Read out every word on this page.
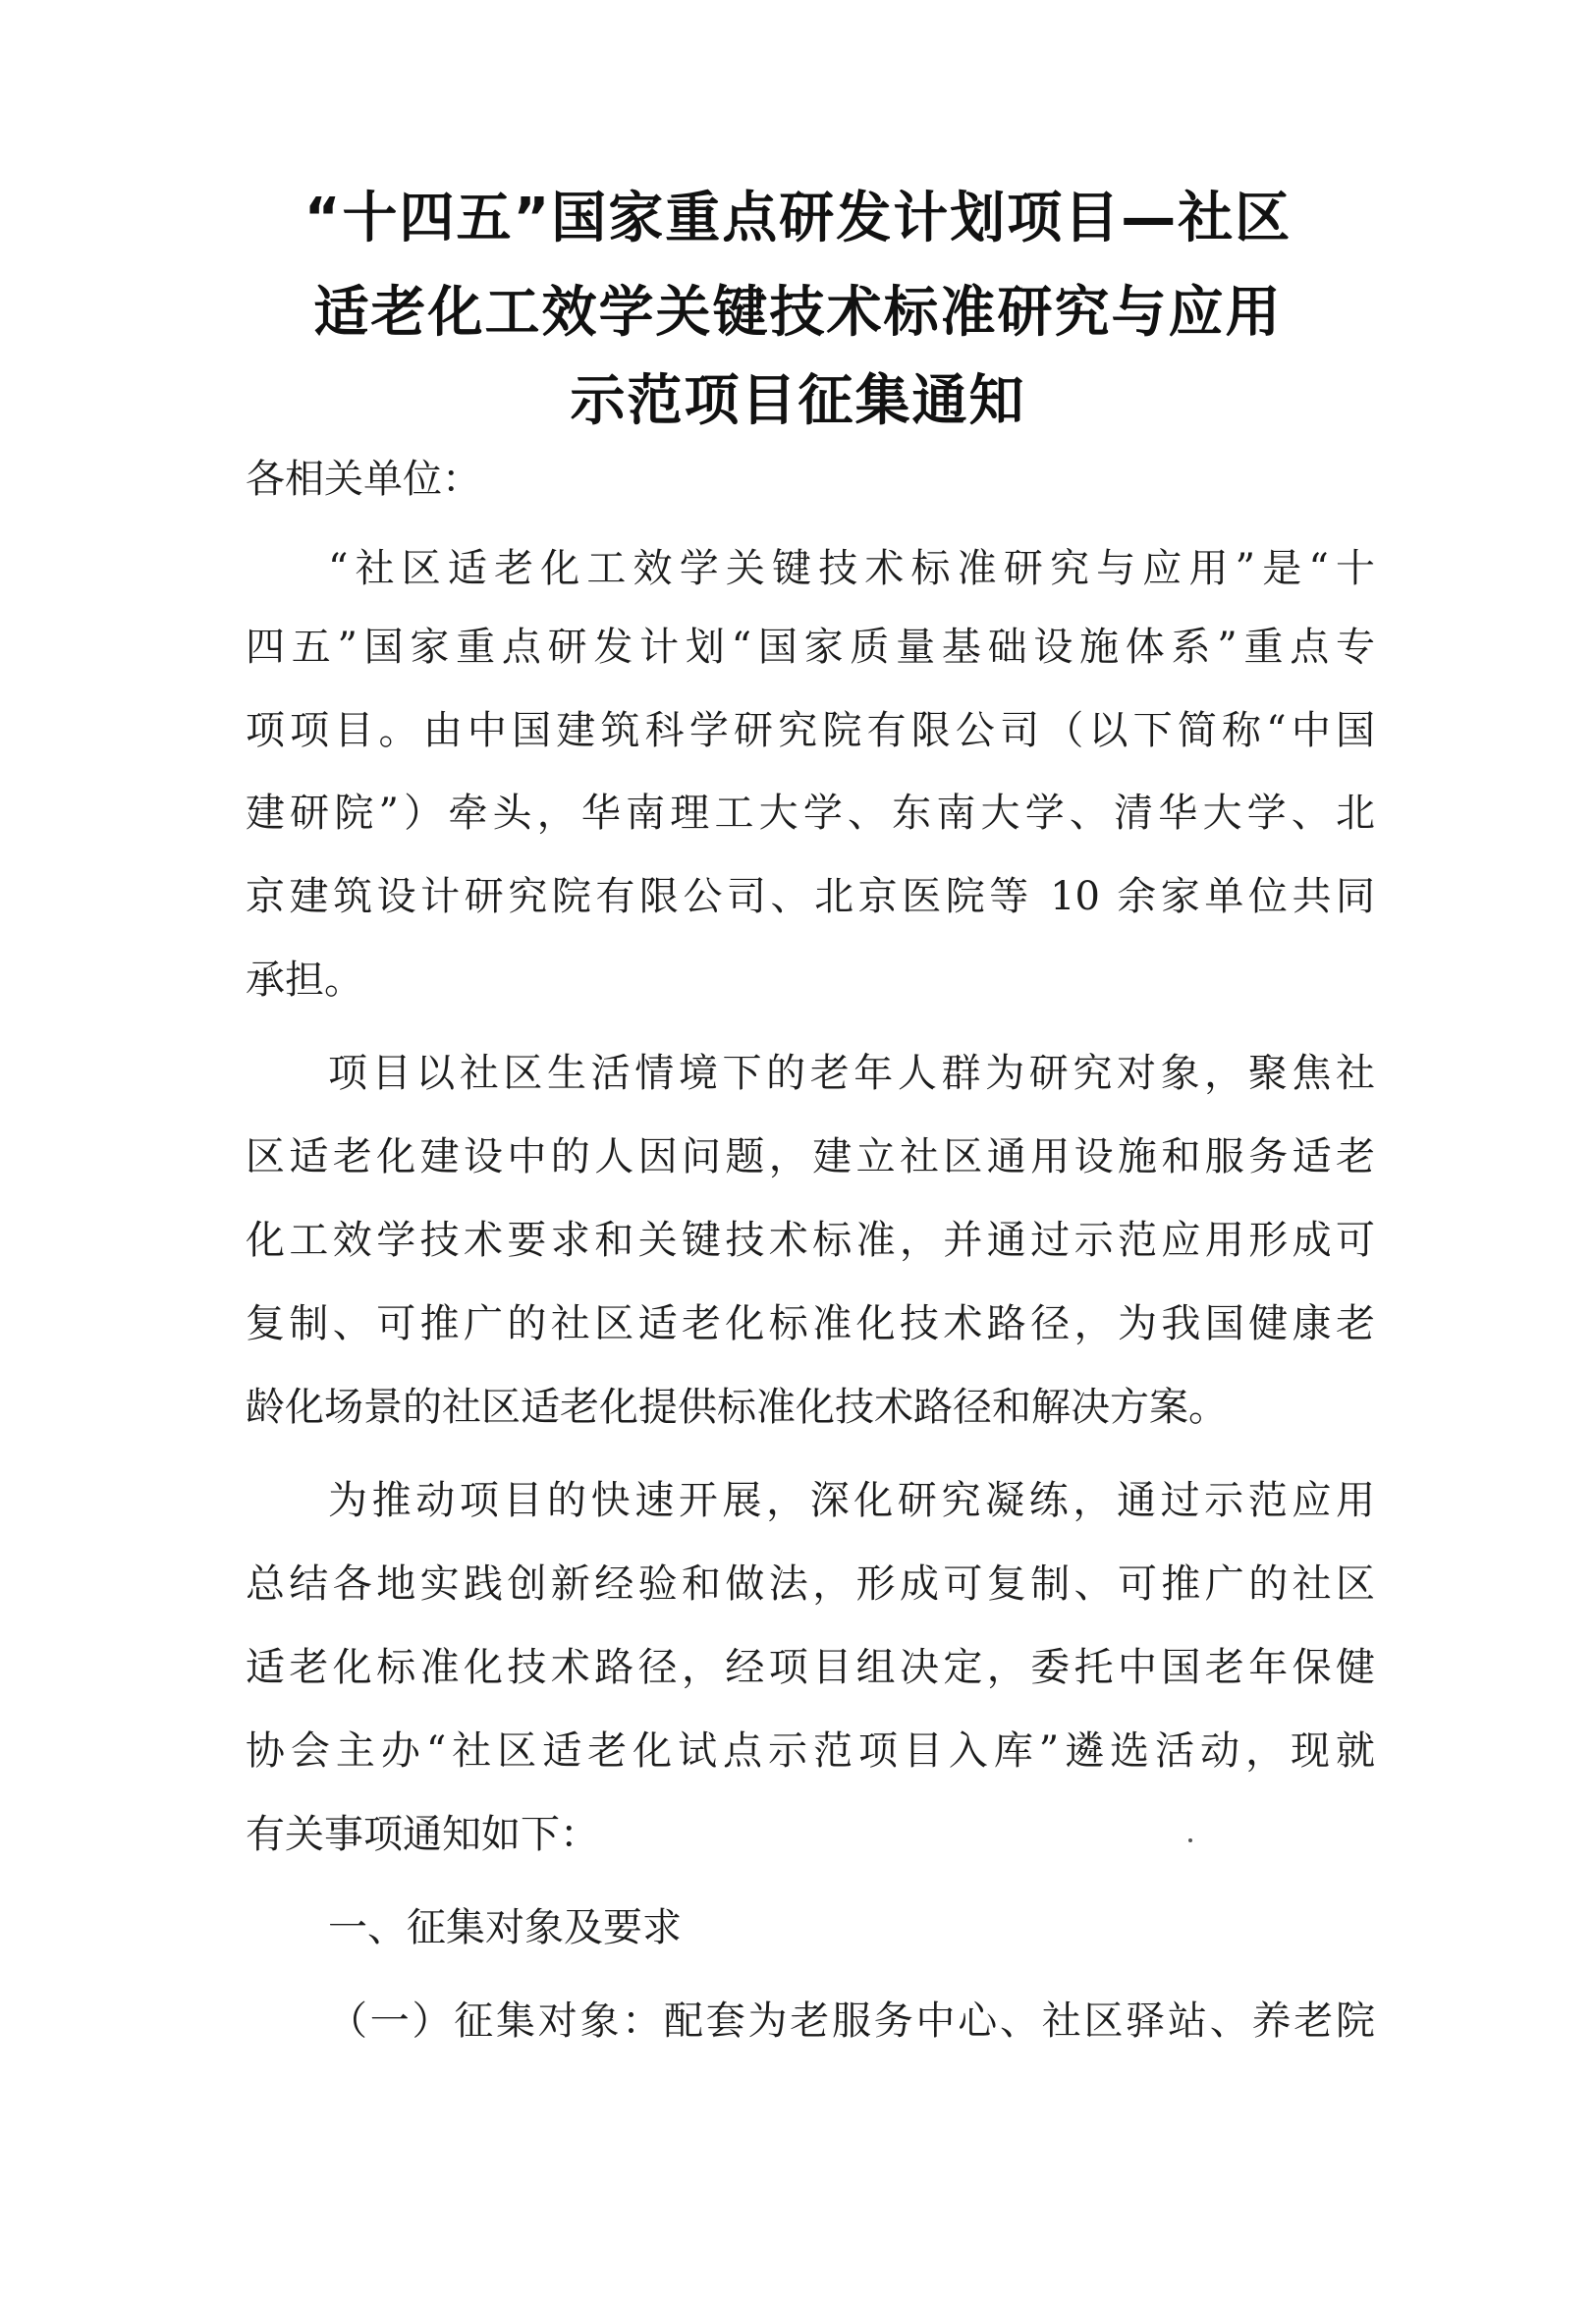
“十四五”国家重点研发计划项目—社区
适老化工效学关键技术标准研究与应用
示范项目征集通知
各相关单位：
“社区适老化工效学关键技术标准研究与应用”是“十
四五”国家重点研发计划“国家质量基础设施体系”重点专
项项目。由中国建筑科学研究院有限公司（以下简称“中国
建研院”）牵头，华南理工大学、东南大学、清华大学、北
京建筑设计研究院有限公司、北京医院等 10 余家单位共同
承担。
项目以社区生活情境下的老年人群为研究对象，聚焦社
区适老化建设中的人因问题，建立社区通用设施和服务适老
化工效学技术要求和关键技术标准，并通过示范应用形成可
复制、可推广的社区适老化标准化技术路径，为我国健康老
龄化场景的社区适老化提供标准化技术路径和解决方案。
为推动项目的快速开展，深化研究凝练，通过示范应用
总结各地实践创新经验和做法，形成可复制、可推广的社区
适老化标准化技术路径，经项目组决定，委托中国老年保健
协会主办“社区适老化试点示范项目入库”遴选活动，现就
有关事项通知如下：
一、征集对象及要求
（一）征集对象：配套为老服务中心、社区驿站、养老院
